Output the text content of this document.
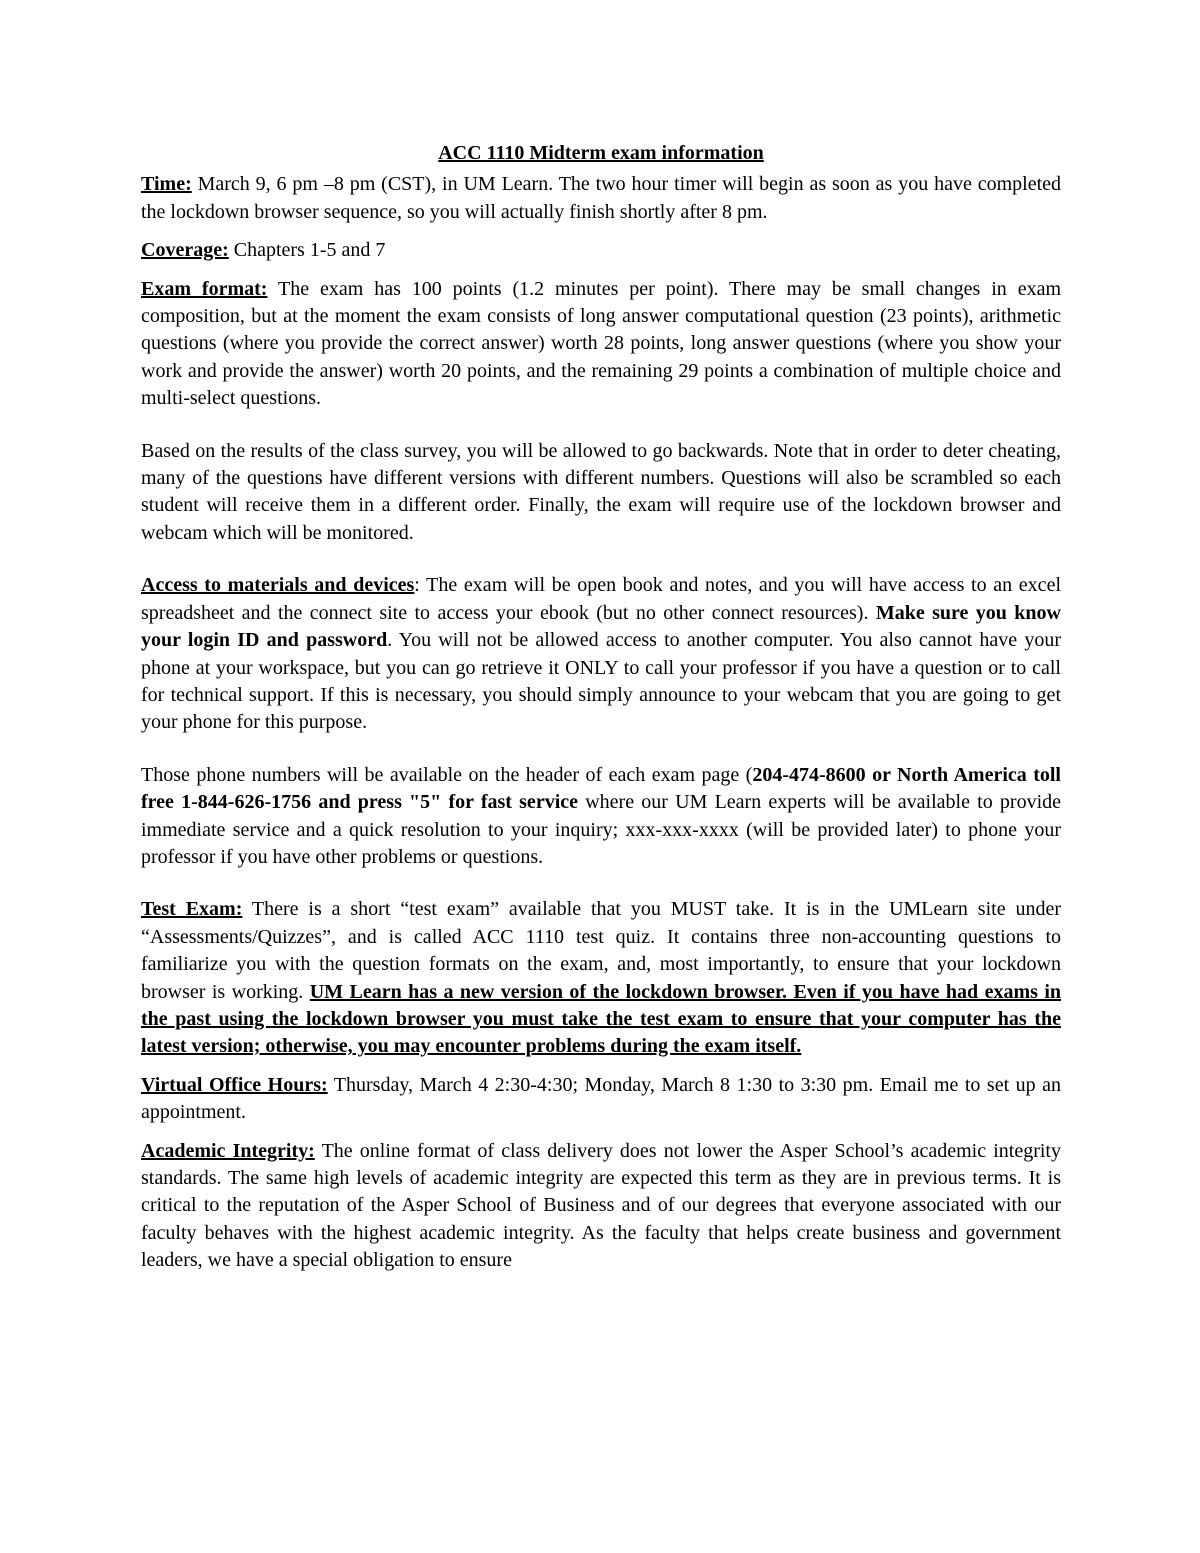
ACC 1110 Midterm exam information

Time: March 9, 6 pm –8 pm (CST), in UM Learn. The two hour timer will begin as soon as you have completed the lockdown browser sequence, so you will actually finish shortly after 8 pm.

Coverage: Chapters 1-5 and 7

Exam format: The exam has 100 points (1.2 minutes per point). There may be small changes in exam composition, but at the moment the exam consists of long answer computational question (23 points), arithmetic questions (where you provide the correct answer) worth 28 points, long answer questions (where you show your work and provide the answer) worth 20 points, and the remaining 29 points a combination of multiple choice and multi-select questions.

Based on the results of the class survey, you will be allowed to go backwards. Note that in order to deter cheating, many of the questions have different versions with different numbers. Questions will also be scrambled so each student will receive them in a different order. Finally, the exam will require use of the lockdown browser and webcam which will be monitored.

Access to materials and devices: The exam will be open book and notes, and you will have access to an excel spreadsheet and the connect site to access your ebook (but no other connect resources). Make sure you know your login ID and password. You will not be allowed access to another computer. You also cannot have your phone at your workspace, but you can go retrieve it ONLY to call your professor if you have a question or to call for technical support. If this is necessary, you should simply announce to your webcam that you are going to get your phone for this purpose.

Those phone numbers will be available on the header of each exam page (204-474-8600 or North America toll free 1-844-626-1756 and press "5" for fast service where our UM Learn experts will be available to provide immediate service and a quick resolution to your inquiry; xxx-xxx-xxxx (will be provided later) to phone your professor if you have other problems or questions.

Test Exam: There is a short “test exam” available that you MUST take. It is in the UMLearn site under “Assessments/Quizzes”, and is called ACC 1110 test quiz. It contains three non-accounting questions to familiarize you with the question formats on the exam, and, most importantly, to ensure that your lockdown browser is working. UM Learn has a new version of the lockdown browser. Even if you have had exams in the past using the lockdown browser you must take the test exam to ensure that your computer has the latest version; otherwise, you may encounter problems during the exam itself.

Virtual Office Hours: Thursday, March 4 2:30-4:30; Monday, March 8 1:30 to 3:30 pm. Email me to set up an appointment.

Academic Integrity: The online format of class delivery does not lower the Asper School’s academic integrity standards. The same high levels of academic integrity are expected this term as they are in previous terms. It is critical to the reputation of the Asper School of Business and of our degrees that everyone associated with our faculty behaves with the highest academic integrity. As the faculty that helps create business and government leaders, we have a special obligation to ensure
